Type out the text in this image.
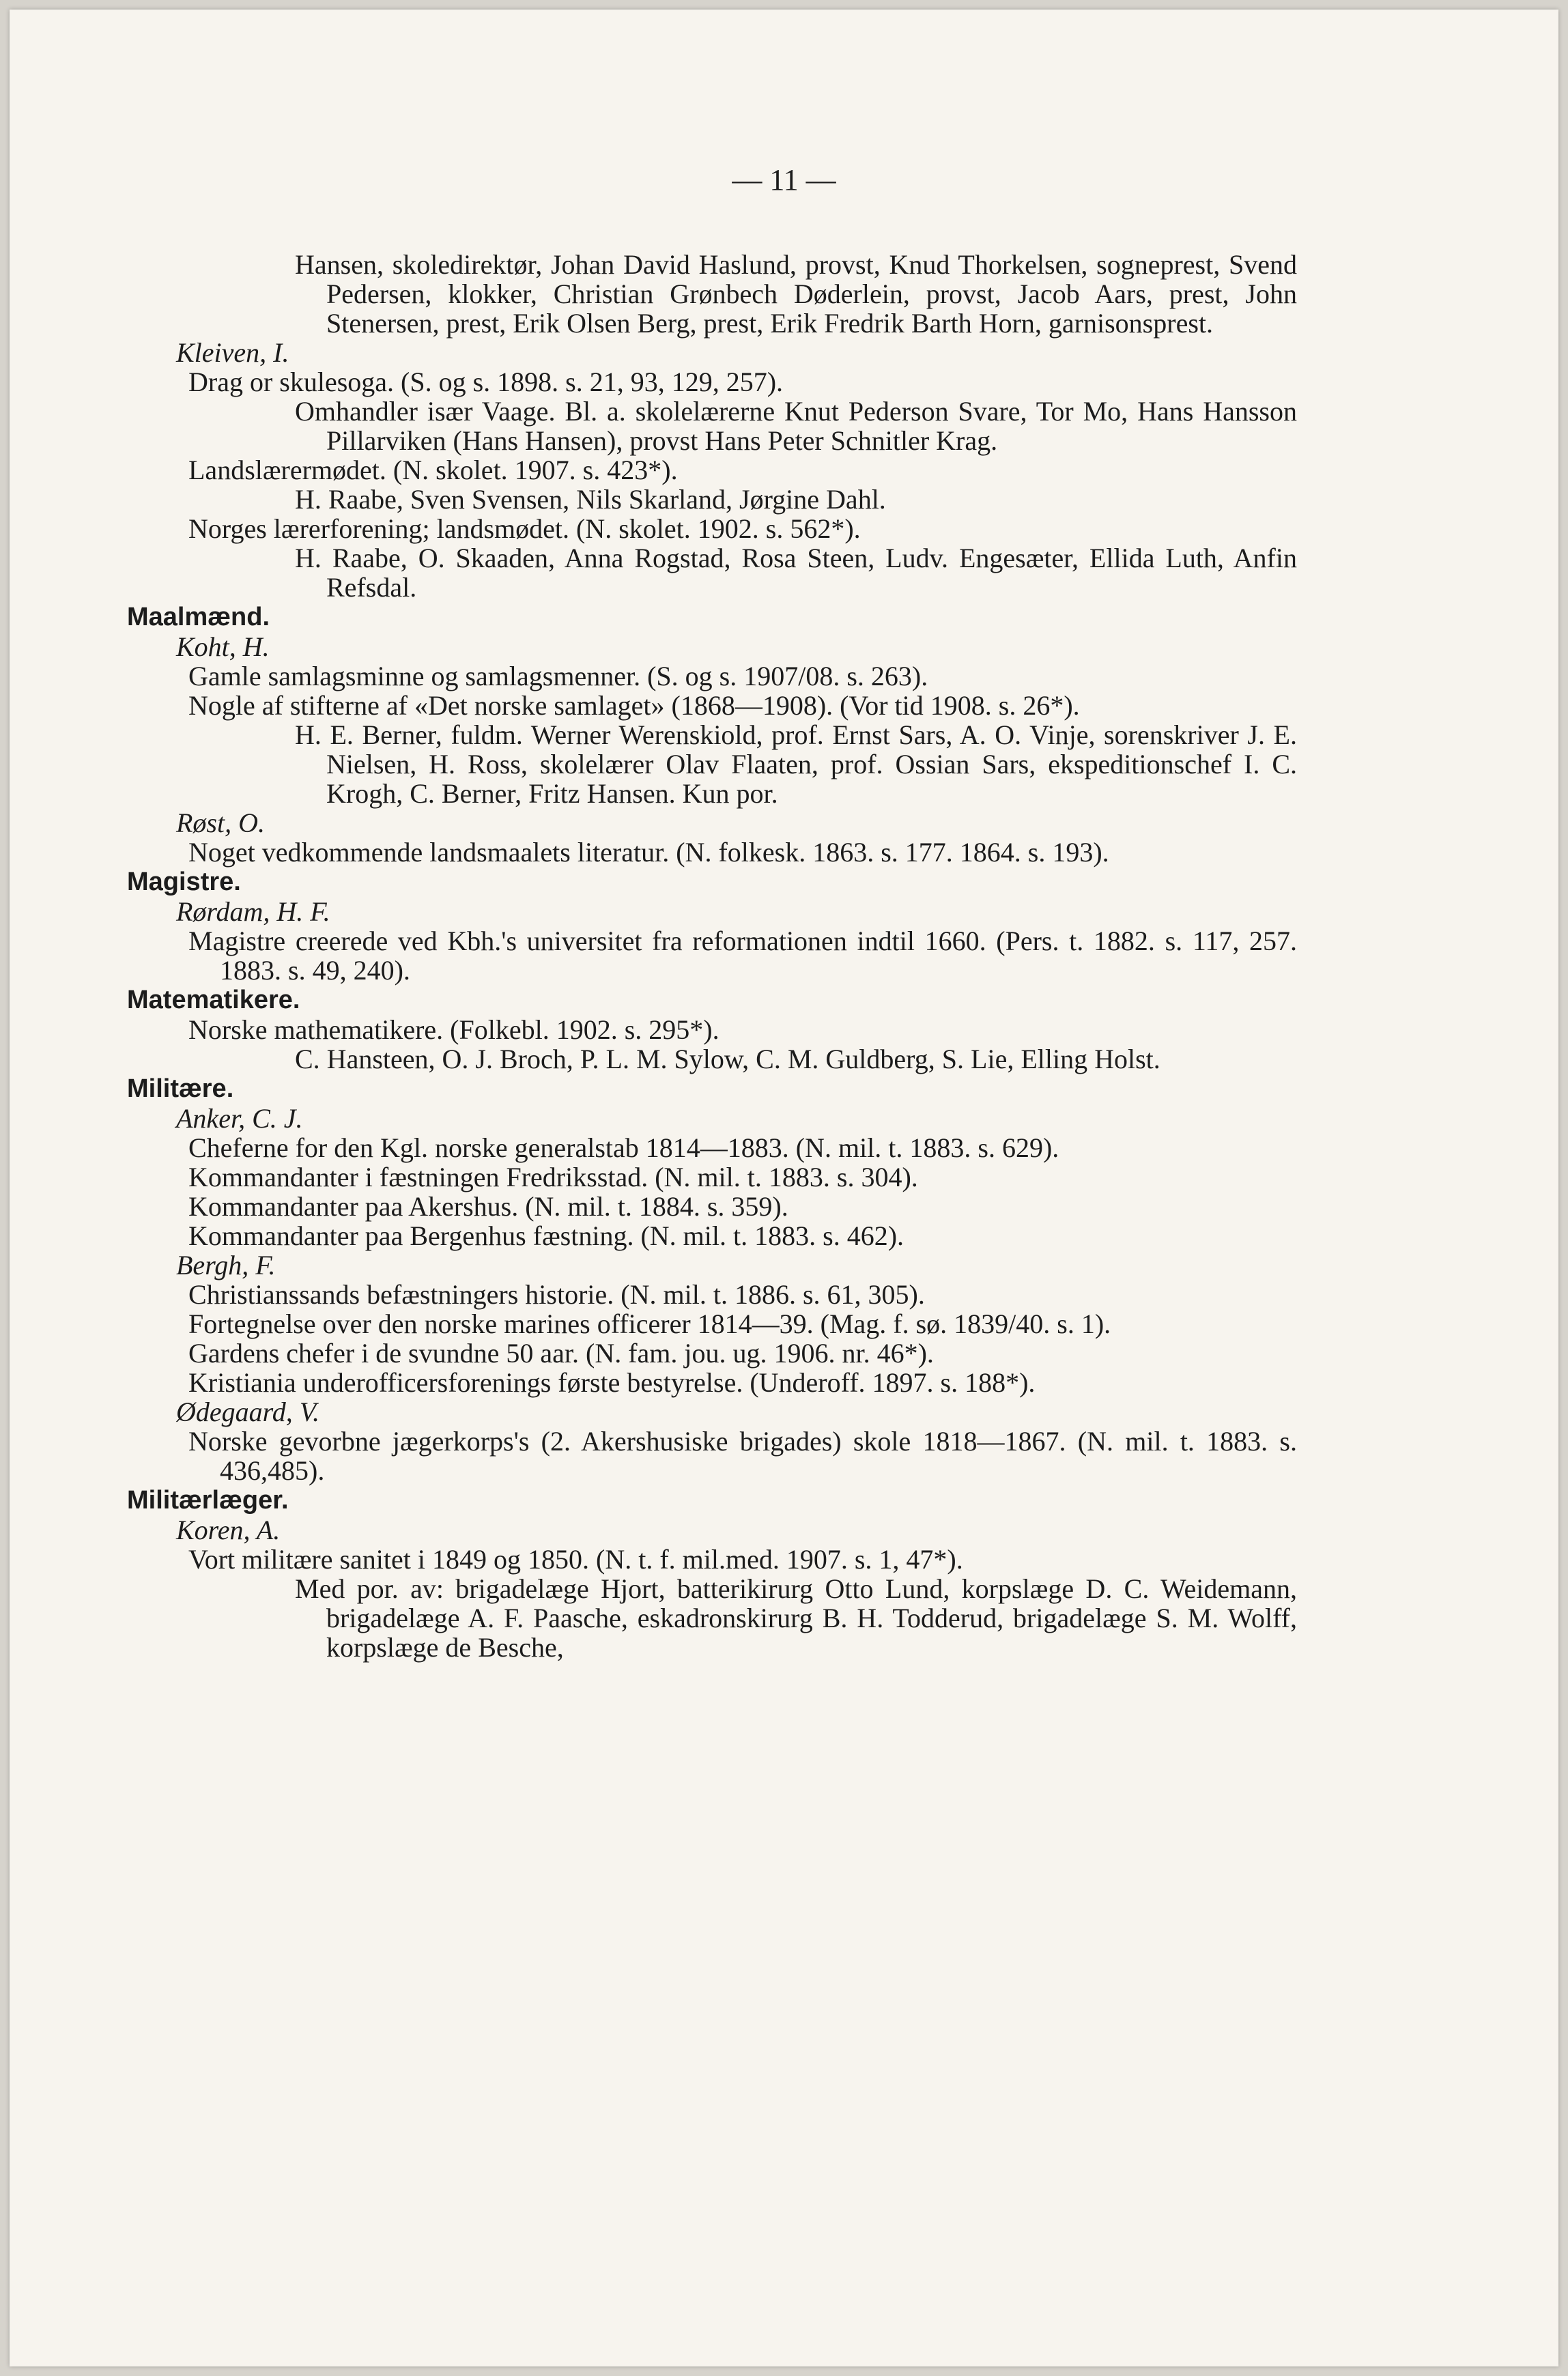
— 11 —
Hansen, skoledirektør, Johan David Haslund, provst, Knud Thorkelsen, sogneprest, Svend Pedersen, klokker, Christian Grønbech Døderlein, provst, Jacob Aars, prest, John Stenersen, prest, Erik Olsen Berg, prest, Erik Fredrik Barth Horn, garnisonsprest.
Kleiven, I.
Drag or skulesoga. (S. og s. 1898. s. 21, 93, 129, 257).
Omhandler især Vaage. Bl. a. skolelærerne Knut Pederson Svare, Tor Mo, Hans Hansson Pillarviken (Hans Hansen), provst Hans Peter Schnitler Krag.
Landslærermødet. (N. skolet. 1907. s. 423*).
H. Raabe, Sven Svensen, Nils Skarland, Jørgine Dahl.
Norges lærerforening; landsmødet. (N. skolet. 1902. s. 562*).
H. Raabe, O. Skaaden, Anna Rogstad, Rosa Steen, Ludv. Engesæter, Ellida Luth, Anfin Refsdal.
Maalmænd.
Koht, H.
Gamle samlagsminne og samlagsmenner. (S. og s. 1907/08. s. 263).
Nogle af stifterne af «Det norske samlaget» (1868—1908). (Vor tid 1908. s. 26*).
H. E. Berner, fuldm. Werner Werenskiold, prof. Ernst Sars, A. O. Vinje, sorenskriver J. E. Nielsen, H. Ross, skolelærer Olav Flaaten, prof. Ossian Sars, ekspeditionschef I. C. Krogh, C. Berner, Fritz Hansen. Kun por.
Røst, O.
Noget vedkommende landsmaalets literatur. (N. folkesk. 1863. s. 177. 1864. s. 193).
Magistre.
Rørdam, H. F.
Magistre creerede ved Kbh.'s universitet fra reformationen indtil 1660. (Pers. t. 1882. s. 117, 257. 1883. s. 49, 240).
Matematikere.
Norske mathematikere. (Folkebl. 1902. s. 295*).
C. Hansteen, O. J. Broch, P. L. M. Sylow, C. M. Guldberg, S. Lie, Elling Holst.
Militære.
Anker, C. J.
Cheferne for den Kgl. norske generalstab 1814—1883. (N. mil. t. 1883. s. 629).
Kommandanter i fæstningen Fredriksstad. (N. mil. t. 1883. s. 304).
Kommandanter paa Akershus. (N. mil. t. 1884. s. 359).
Kommandanter paa Bergenhus fæstning. (N. mil. t. 1883. s. 462).
Bergh, F.
Christianssands befæstningers historie. (N. mil. t. 1886. s. 61, 305).
Fortegnelse over den norske marines officerer 1814—39. (Mag. f. sø. 1839/40. s. 1).
Gardens chefer i de svundne 50 aar. (N. fam. jou. ug. 1906. nr. 46*).
Kristiania underofficersforenings første bestyrelse. (Underoff. 1897. s. 188*).
Ødegaard, V.
Norske gevorbne jægerkorps's (2. Akershusiske brigades) skole 1818—1867. (N. mil. t. 1883. s. 436,485).
Militærlæger.
Koren, A.
Vort militære sanitet i 1849 og 1850. (N. t. f. mil.med. 1907. s. 1, 47*).
Med por. av: brigadelæge Hjort, batterikirurg Otto Lund, korpslæge D. C. Weidemann, brigadelæge A. F. Paasche, eskadronskirurg B. H. Todderud, brigadelæge S. M. Wolff, korpslæge de Besche,
